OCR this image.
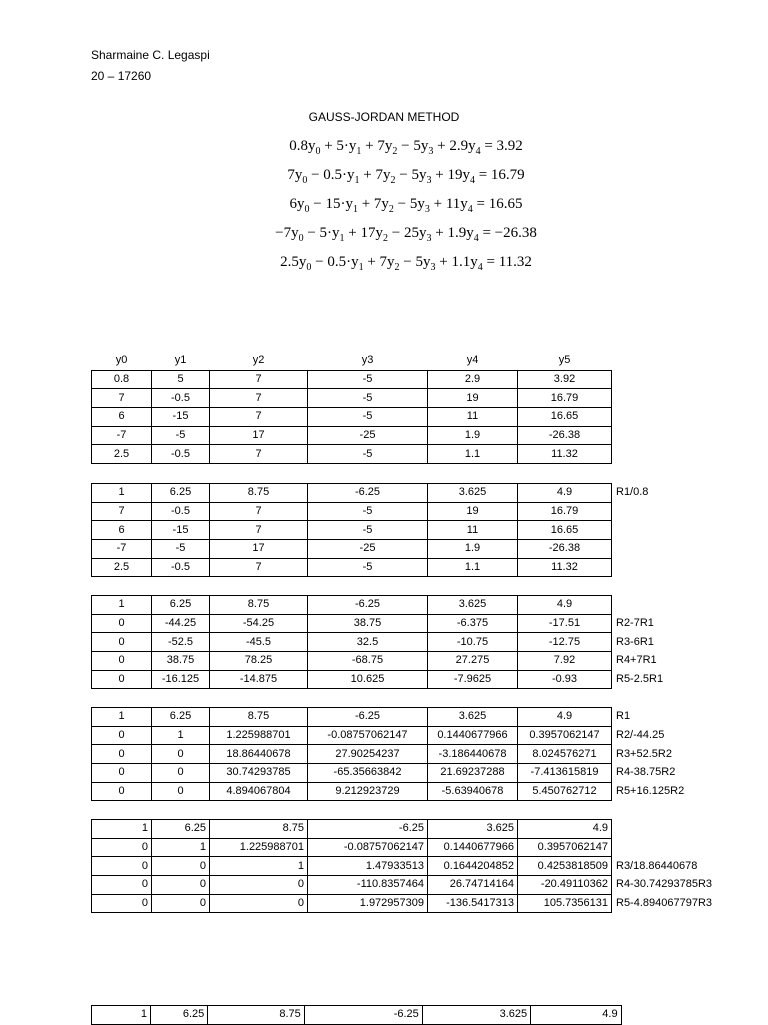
Sharmaine C. Legaspi
20 – 17260
GAUSS-JORDAN METHOD
$0.8y_0 + 5\cdot y_1 + 7y_2 - 5y_3 + 2.9y_4 = 3.92$
$7y_0 - 0.5\cdot y_1 + 7y_2 - 5y_3 + 19y_4 = 16.79$
$6y_0 - 15\cdot y_1 + 7y_2 - 5y_3 + 11y_4 = 16.65$
$-7y_0 - 5\cdot y_1 + 17y_2 - 25y_3 + 1.9y_4 = -26.38$
$2.5y_0 - 0.5\cdot y_1 + 7y_2 - 5y_3 + 1.1y_4 = 11.32$
y0	y1	y2	y3	y4	y5	
0.8	5	7	-5	2.9	3.92	
7	-0.5	7	-5	19	16.79	
6	-15	7	-5	11	16.65	
-7	-5	17	-25	1.9	-26.38	
2.5	-0.5	7	-5	1.1	11.32	
1	6.25	8.75	-6.25	3.625	4.9	R1/0.8
7	-0.5	7	-5	19	16.79	
6	-15	7	-5	11	16.65	
-7	-5	17	-25	1.9	-26.38	
2.5	-0.5	7	-5	1.1	11.32	
1	6.25	8.75	-6.25	3.625	4.9	
0	-44.25	-54.25	38.75	-6.375	-17.51	R2-7R1
0	-52.5	-45.5	32.5	-10.75	-12.75	R3-6R1
0	38.75	78.25	-68.75	27.275	7.92	R4+7R1
0	-16.125	-14.875	10.625	-7.9625	-0.93	R5-2.5R1
1	6.25	8.75	-6.25	3.625	4.9	R1
0	1	1.225988701	-0.08757062147	0.1440677966	0.3957062147	R2/-44.25
0	0	18.86440678	27.90254237	-3.186440678	8.024576271	R3+52.5R2
0	0	30.74293785	-65.35663842	21.69237288	-7.413615819	R4-38.75R2
0	0	4.894067804	9.212923729	-5.63940678	5.450762712	R5+16.125R2
1	6.25	8.75	-6.25	3.625	4.9	
0	1	1.225988701	-0.08757062147	0.1440677966	0.3957062147	
0	0	1	1.47933513	0.1644204852	0.4253818509	R3/18.86440678
0	0	0	-110.8357464	26.74714164	-20.49110362	R4-30.74293785R3
0	0	0	1.972957309	-136.5417313	105.7356131	R5-4.894067797R3
1	6.25	8.75	-6.25	3.625	4.9	
